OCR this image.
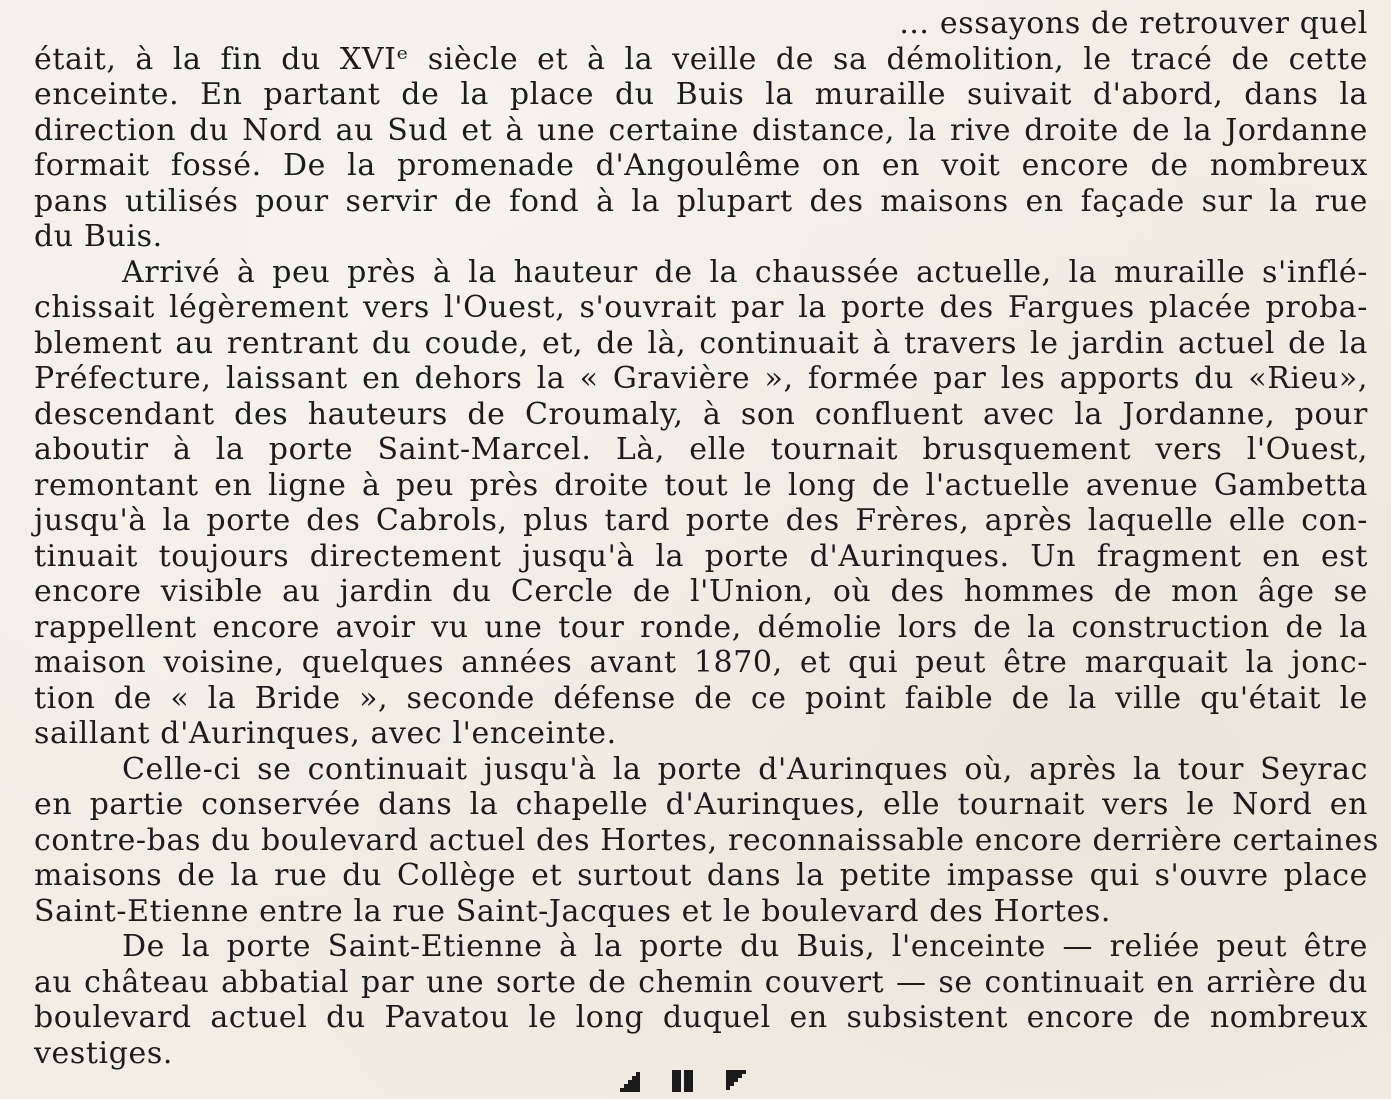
… essayons de retrouver quel
était, à la fin du XVIᵉ siècle et à la veille de sa démolition, le tracé de cette
enceinte. En partant de la place du Buis la muraille suivait d'abord, dans la
direction du Nord au Sud et à une certaine distance, la rive droite de la Jordanne
formait fossé. De la promenade d'Angoulême on en voit encore de nombreux
pans utilisés pour servir de fond à la plupart des maisons en façade sur la rue
du Buis.
Arrivé à peu près à la hauteur de la chaussée actuelle, la muraille s'inflé-
chissait légèrement vers l'Ouest, s'ouvrait par la porte des Fargues placée proba-
blement au rentrant du coude, et, de là, continuait à travers le jardin actuel de la
Préfecture, laissant en dehors la « Gravière », formée par les apports du «Rieu»,
descendant des hauteurs de Croumaly, à son confluent avec la Jordanne, pour
aboutir à la porte Saint-Marcel. Là, elle tournait brusquement vers l'Ouest,
remontant en ligne à peu près droite tout le long de l'actuelle avenue Gambetta
jusqu'à la porte des Cabrols, plus tard porte des Frères, après laquelle elle con-
tinuait toujours directement jusqu'à la porte d'Aurinques. Un fragment en est
encore visible au jardin du Cercle de l'Union, où des hommes de mon âge se
rappellent encore avoir vu une tour ronde, démolie lors de la construction de la
maison voisine, quelques années avant 1870, et qui peut être marquait la jonc-
tion de « la Bride », seconde défense de ce point faible de la ville qu'était le
saillant d'Aurinques, avec l'enceinte.
Celle-ci se continuait jusqu'à la porte d'Aurinques où, après la tour Seyrac
en partie conservée dans la chapelle d'Aurinques, elle tournait vers le Nord en
contre-bas du boulevard actuel des Hortes, reconnaissable encore derrière certaines
maisons de la rue du Collège et surtout dans la petite impasse qui s'ouvre place
Saint-Etienne entre la rue Saint-Jacques et le boulevard des Hortes.
De la porte Saint-Etienne à la porte du Buis, l'enceinte — reliée peut être
au château abbatial par une sorte de chemin couvert — se continuait en arrière du
boulevard actuel du Pavatou le long duquel en subsistent encore de nombreux
vestiges.
